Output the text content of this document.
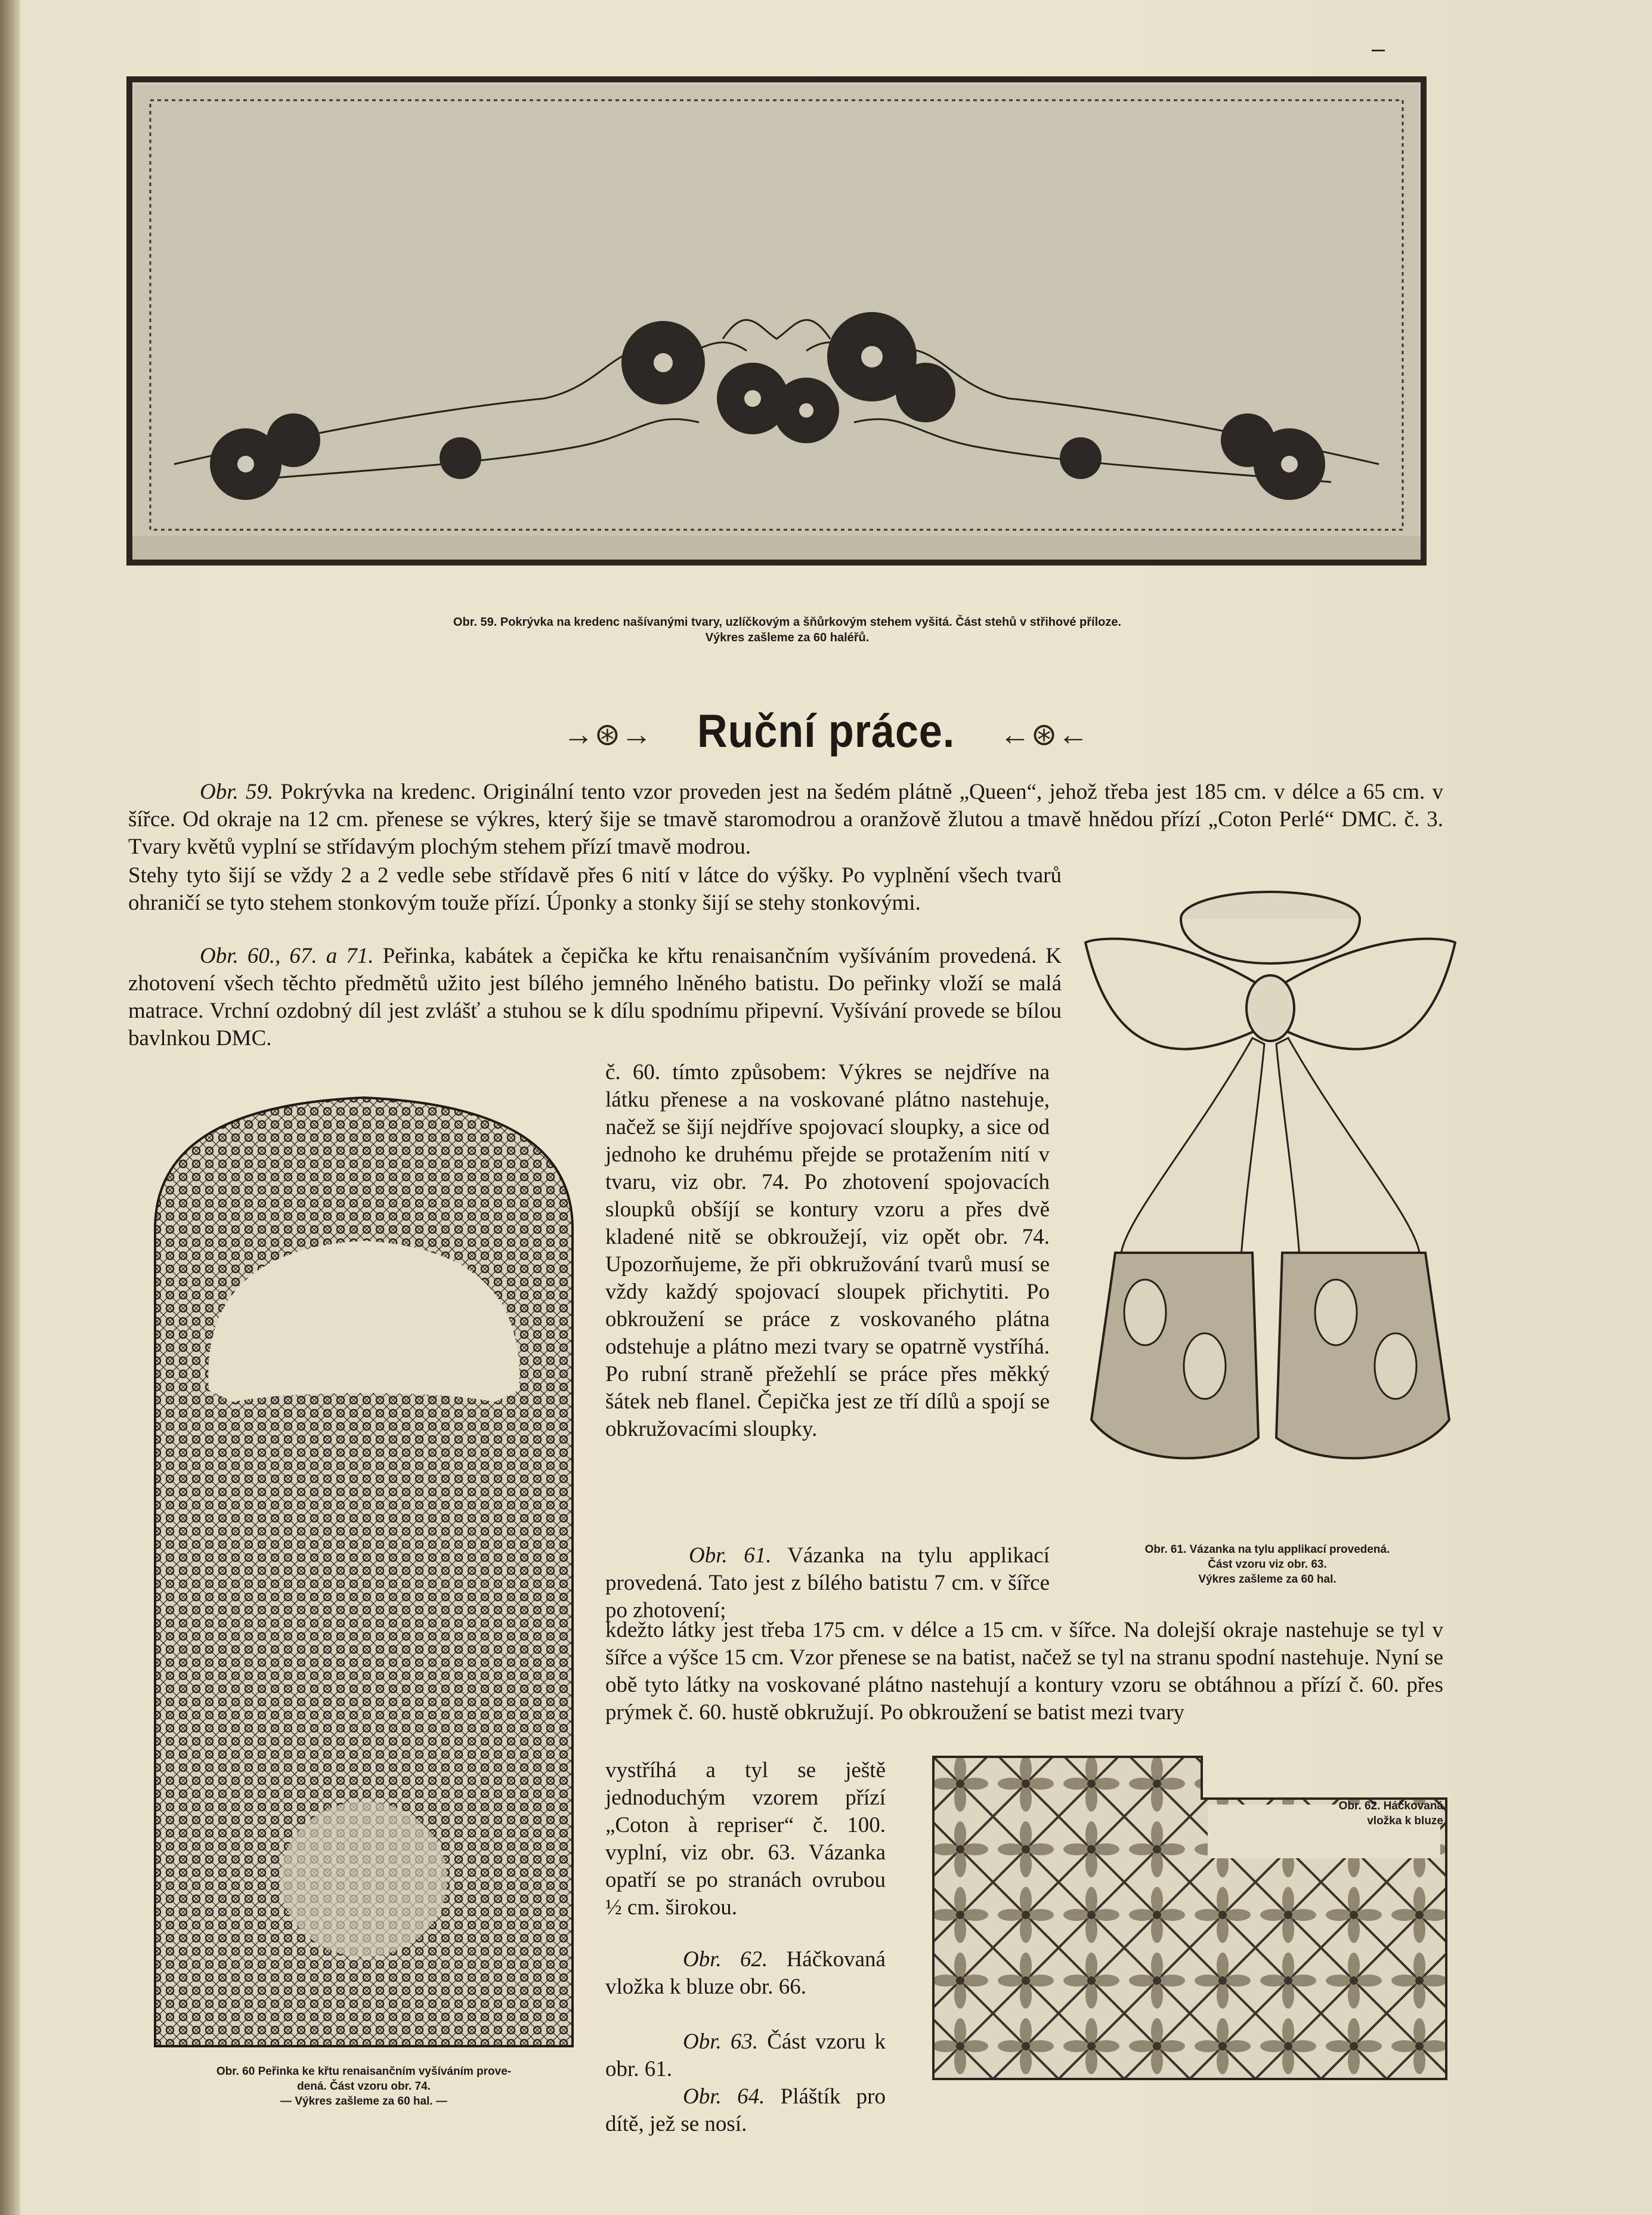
–
Obr. 59. Pokrývka na kredenc našívanými tvary, uzlíčkovým a šňůrkovým stehem vyšitá. Část stehů v střihové příloze.
Výkres zašleme za 60 haléřů.
→⊛→ Ruční práce. ←⊛←
Obr. 59. Pokrývka na kredenc. Originální tento vzor proveden jest na šedém plátně „Queen“, jehož třeba jest 185 cm. v délce a 65 cm. v šířce. Od okraje na 12 cm. přenese se výkres, který šije se tmavě staromodrou a oranžově žlutou a tmavě hnědou přízí „Coton Perlé“ DMC. č. 3. Tvary květů vyplní se střídavým plochým stehem přízí tmavě modrou.
Stehy tyto šijí se vždy 2 a 2 vedle sebe střídavě přes 6 nití v látce do výšky. Po vyplnění všech tvarů ohraničí se tyto stehem stonkovým touže přízí. Úponky a stonky šijí se stehy stonkovými.
Obr. 60., 67. a 71. Peřinka, kabátek a čepička ke křtu renaisančním vyšíváním provedená. K zhotovení všech těchto předmětů užito jest bílého jemného lněného batistu. Do peřinky vloží se malá matrace. Vrchní ozdobný díl jest zvlášť a stuhou se k dílu spodnímu připevní. Vyšívání provede se bílou bavlnkou DMC.
Obr. 60 Peřinka ke křtu renaisančním vyšíváním prove-
dená. Část vzoru obr. 74.
— Výkres zašleme za 60 hal. —
č. 60. tímto způsobem: Výkres se nejdříve na látku přenese a na voskované plátno nastehuje, načež se šijí nejdříve spojovací sloupky, a sice od jednoho ke druhému přejde se protažením nití v tvaru, viz obr. 74. Po zhotovení spojovacích sloupků obšíjí se kontury vzoru a přes dvě kladené nitě se obkroužejí, viz opět obr. 74. Upozorňujeme, že při obkružování tvarů musí se vždy každý spojovací sloupek přichytiti. Po obkroužení se práce z voskovaného plátna odstehuje a plátno mezi tvary se opatrně vystříhá. Po rubní straně přežehlí se práce přes měkký šátek neb flanel. Čepička jest ze tří dílů a spojí se obkružovacími sloupky.
Obr. 61. Vázanka na tylu applikací provedená.
Část vzoru viz obr. 63.
Výkres zašleme za 60 hal.
Obr. 61. Vázanka na tylu applikací provedená. Tato jest z bílého batistu 7 cm. v šířce po zhotovení;
kdežto látky jest třeba 175 cm. v délce a 15 cm. v šířce. Na dolejší okraje nastehuje se tyl v šířce a výšce 15 cm. Vzor přenese se na batist, načež se tyl na stranu spodní nastehuje. Nyní se obě tyto látky na voskované plátno nastehují a kontury vzoru se obtáhnou a přízí č. 60. přes prýmek č. 60. hustě obkružují. Po obkroužení se batist mezi tvary
vystříhá a tyl se ještě jednoduchým vzorem přízí „Coton à repriser“ č. 100. vyplní, viz obr. 63. Vázanka opatří se po stranách ovrubou ½ cm. širokou.
Obr. 62. Háčkovaná
vložka k bluze
Obr. 62. Háčkovaná vložka k bluze obr. 66.
Obr. 63. Část vzoru k obr. 61.
Obr. 64. Pláštík pro dítě, jež se nosí.
